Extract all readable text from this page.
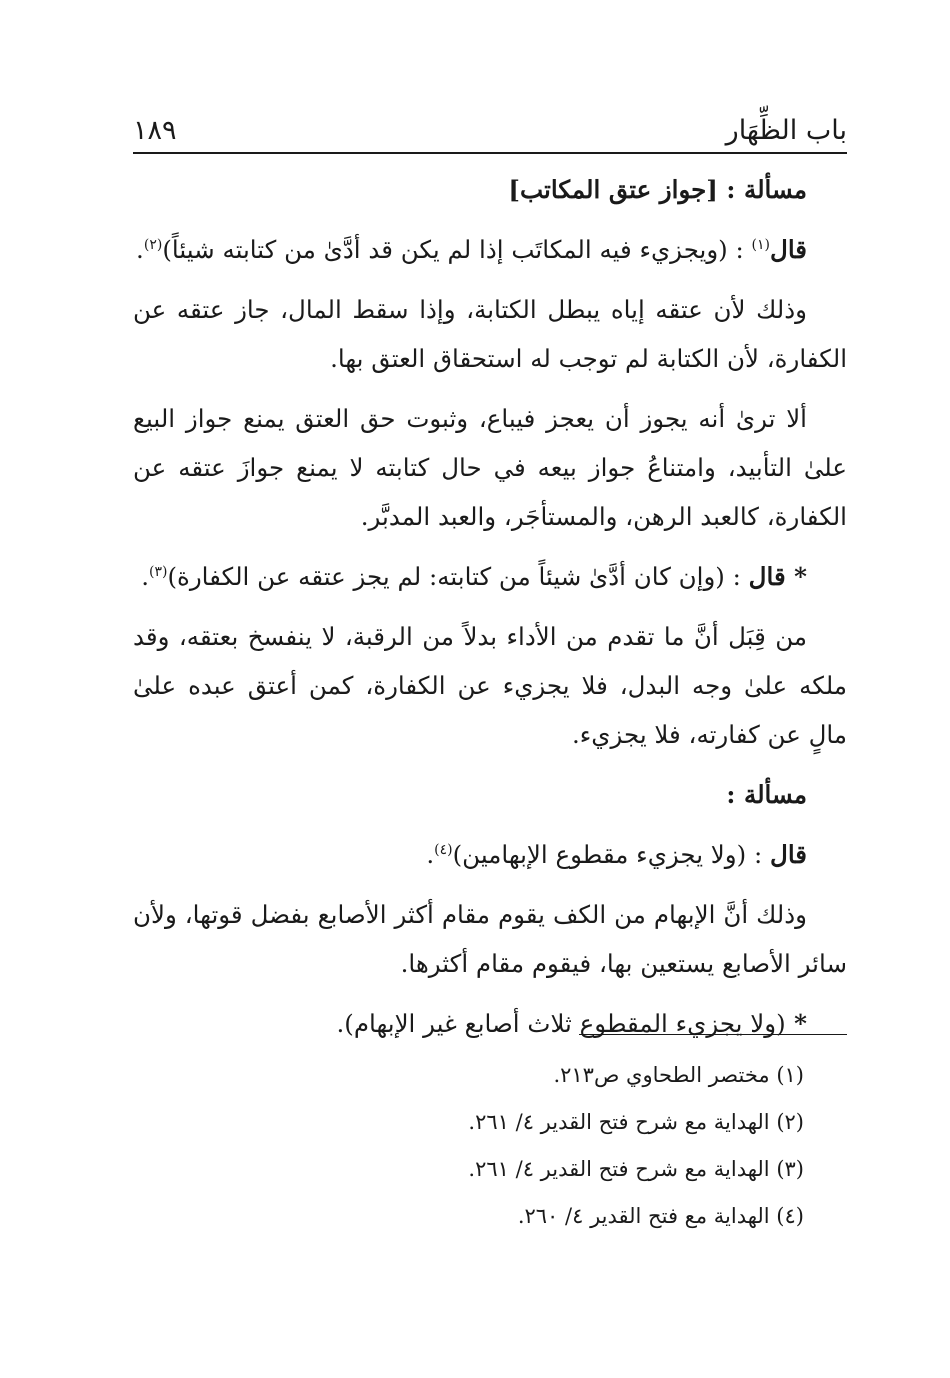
باب الظِّهَار
١٨٩

مسألة : [جواز عتق المكاتب]

قال$^{(١)}$ : (ويجزيء فيه المكاتَب إذا لم يكن قد أدَّىٰ من كتابته شيئاً)$^{(٢)}$.

وذلك لأن عتقه إياه يبطل الكتابة، وإذا سقط المال، جاز عتقه عن الكفارة، لأن الكتابة لم توجب له استحقاق العتق بها.

ألا ترىٰ أنه يجوز أن يعجز فيباع، وثبوت حق العتق يمنع جواز البيع علىٰ التأبيد، وامتناعُ جواز بيعه في حال كتابته لا يمنع جوازَ عتقه عن الكفارة، كالعبد الرهن، والمستأجَر، والعبد المدبَّر.

* قال : (وإن كان أدَّىٰ شيئاً من كتابته: لم يجز عتقه عن الكفارة)$^{(٣)}$.

من قِبَل أنَّ ما تقدم من الأداء بدلاً من الرقبة، لا ينفسخ بعتقه، وقد ملكه علىٰ وجه البدل، فلا يجزيء عن الكفارة، كمن أعتق عبده علىٰ مالٍ عن كفارته، فلا يجزيء.

مسألة :

قال : (ولا يجزيء مقطوع الإبهامين)$^{(٤)}$.

وذلك أنَّ الإبهام من الكف يقوم مقام أكثر الأصابع بفضل قوتها، ولأن سائر الأصابع يستعين بها، فيقوم مقام أكثرها.

* (ولا يجزيء المقطوع ثلاث أصابع غير الإبهام).

(١) مختصر الطحاوي ص٢١٣.
(٢) الهداية مع شرح فتح القدير ٤/ ٢٦١.
(٣) الهداية مع شرح فتح القدير ٤/ ٢٦١.
(٤) الهداية مع فتح القدير ٤/ ٢٦٠.
